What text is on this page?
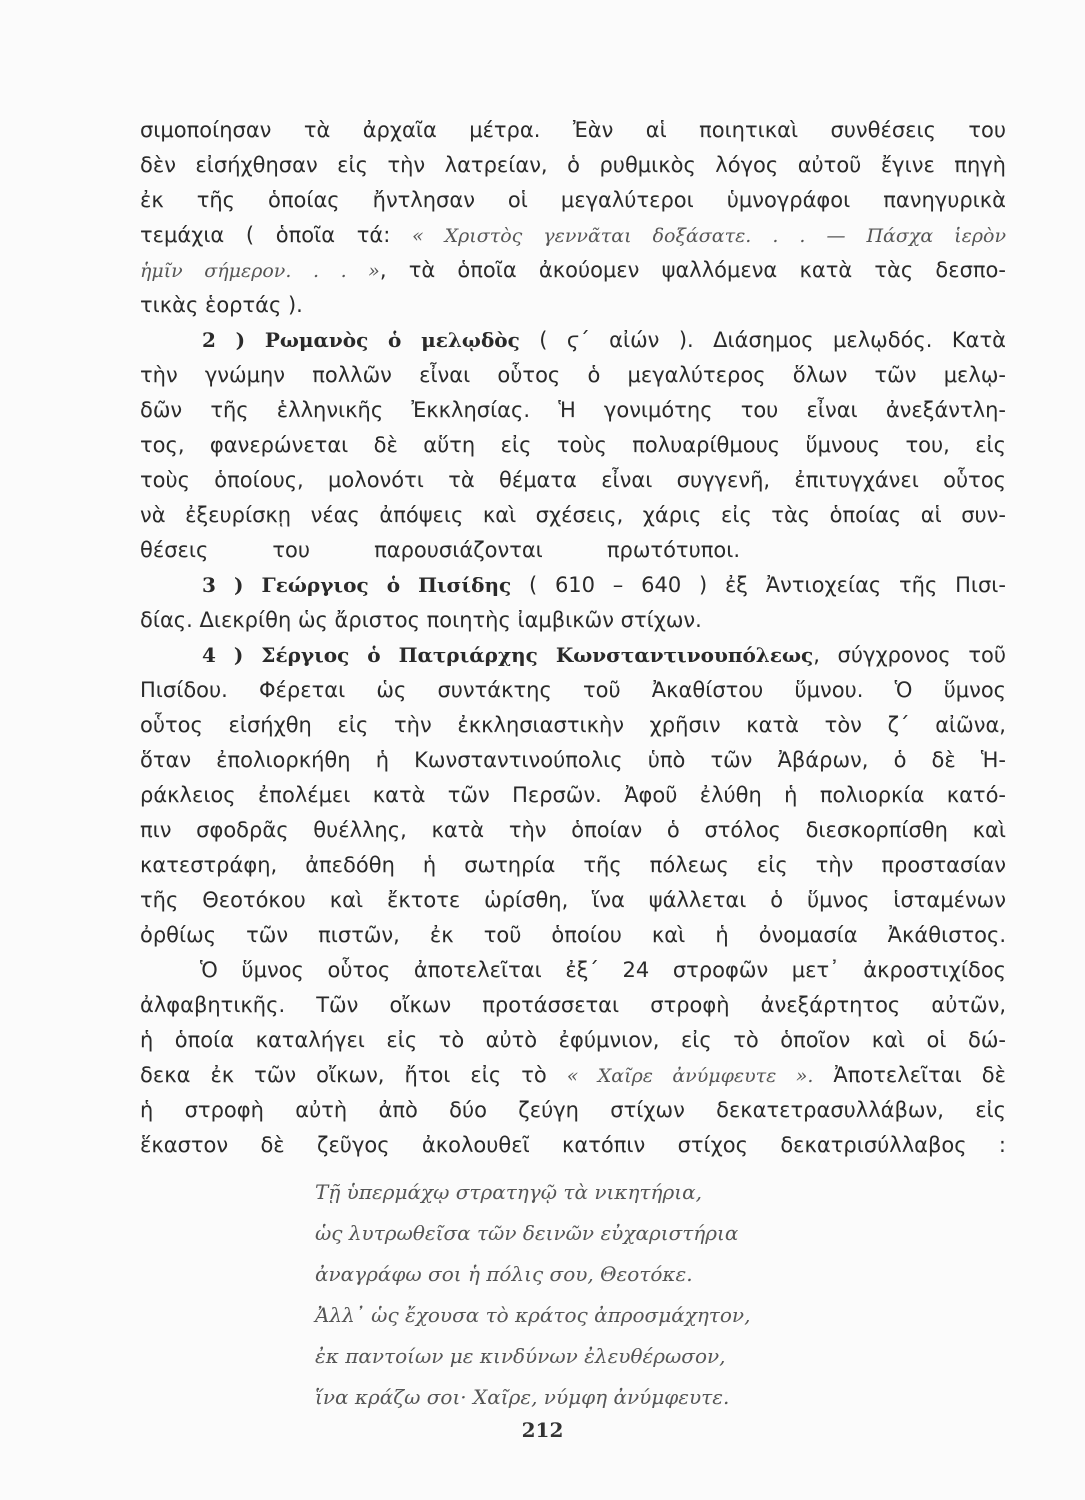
σιμοποίησαν τὰ ἀρχαῖα μέτρα. Ἐὰν αἱ ποιητικαὶ συνθέσεις του
δὲν εἰσήχθησαν εἰς τὴν λατρείαν, ὁ ρυθμικὸς λόγος αὐτοῦ ἔγινε πηγὴ
ἐκ τῆς ὁποίας ἤντλησαν οἱ μεγαλύτεροι ὑμνογράφοι πανηγυρικὰ
τεμάχια ( ὁποῖα τά: « Χριστὸς γεννᾶται δοξάσατε. . . — Πάσχα ἱερὸν
ἡμῖν σήμερον. . . », τὰ ὁποῖα ἀκούομεν ψαλλόμενα κατὰ τὰς δεσπο-
τικὰς ἑορτάς ).
2 ) Ρωμανὸς ὁ μελῳδὸς ( ϛ΄ αἰών ). Διάσημος μελῳδός. Κατὰ
τὴν γνώμην πολλῶν εἶναι οὗτος ὁ μεγαλύτερος ὅλων τῶν μελῳ-
δῶν τῆς ἑλληνικῆς Ἐκκλησίας. Ἡ γονιμότης του εἶναι ἀνεξάντλη-
τος, φανερώνεται δὲ αὕτη εἰς τοὺς πολυαρίθμους ὕμνους του, εἰς
τοὺς ὁποίους, μολονότι τὰ θέματα εἶναι συγγενῆ, ἐπιτυγχάνει οὗτος
νὰ ἐξευρίσκῃ νέας ἀπόψεις καὶ σχέσεις, χάρις εἰς τὰς ὁποίας αἱ συν-
θέσεις του παρουσιάζονται πρωτότυποι.
3 ) Γεώργιος ὁ Πισίδης ( 610 – 640 ) ἐξ Ἀντιοχείας τῆς Πισι-
δίας. Διεκρίθη ὡς ἄριστος ποιητὴς ἰαμβικῶν στίχων.
4 ) Σέργιος ὁ Πατριάρχης Κωνσταντινουπόλεως, σύγχρονος τοῦ
Πισίδου. Φέρεται ὡς συντάκτης τοῦ Ἀκαθίστου ὕμνου. Ὁ ὕμνος
οὗτος εἰσήχθη εἰς τὴν ἐκκλησιαστικὴν χρῆσιν κατὰ τὸν ζ΄ αἰῶνα,
ὅταν ἐπολιορκήθη ἡ Κωνσταντινούπολις ὑπὸ τῶν Ἀβάρων, ὁ δὲ Ἡ-
ράκλειος ἐπολέμει κατὰ τῶν Περσῶν. Ἀφοῦ ἐλύθη ἡ πολιορκία κατό-
πιν σφοδρᾶς θυέλλης, κατὰ τὴν ὁποίαν ὁ στόλος διεσκορπίσθη καὶ
κατεστράφη, ἀπεδόθη ἡ σωτηρία τῆς πόλεως εἰς τὴν προστασίαν
τῆς Θεοτόκου καὶ ἔκτοτε ὡρίσθη, ἵνα ψάλλεται ὁ ὕμνος ἱσταμένων
ὀρθίως τῶν πιστῶν, ἐκ τοῦ ὁποίου καὶ ἡ ὀνομασία Ἀκάθιστος.
Ὁ ὕμνος οὗτος ἀποτελεῖται ἐξ΄ 24 στροφῶν μετ᾽ ἀκροστιχίδος
ἀλφαβητικῆς. Τῶν οἴκων προτάσσεται στροφὴ ἀνεξάρτητος αὐτῶν,
ἡ ὁποία καταλήγει εἰς τὸ αὐτὸ ἐφύμνιον, εἰς τὸ ὁποῖον καὶ οἱ δώ-
δεκα ἐκ τῶν οἴκων, ἤτοι εἰς τὸ « Χαῖρε ἀνύμφευτε ». Ἀποτελεῖται δὲ
ἡ στροφὴ αὐτὴ ἀπὸ δύο ζεύγη στίχων δεκατετρασυλλάβων, εἰς
ἕκαστον δὲ ζεῦγος ἀκολουθεῖ κατόπιν στίχος δεκατρισύλλαβος :
Τῇ ὑπερμάχῳ στρατηγῷ τὰ νικητήρια,
ὡς λυτρωθεῖσα τῶν δεινῶν εὐχαριστήρια
ἀναγράφω σοι ἡ πόλις σου, Θεοτόκε.
Ἀλλ᾽ ὡς ἔχουσα τὸ κράτος ἀπροσμάχητον,
ἐκ παντοίων με κινδύνων ἐλευθέρωσον,
ἵνα κράζω σοι· Χαῖρε, νύμφη ἀνύμφευτε.
212
